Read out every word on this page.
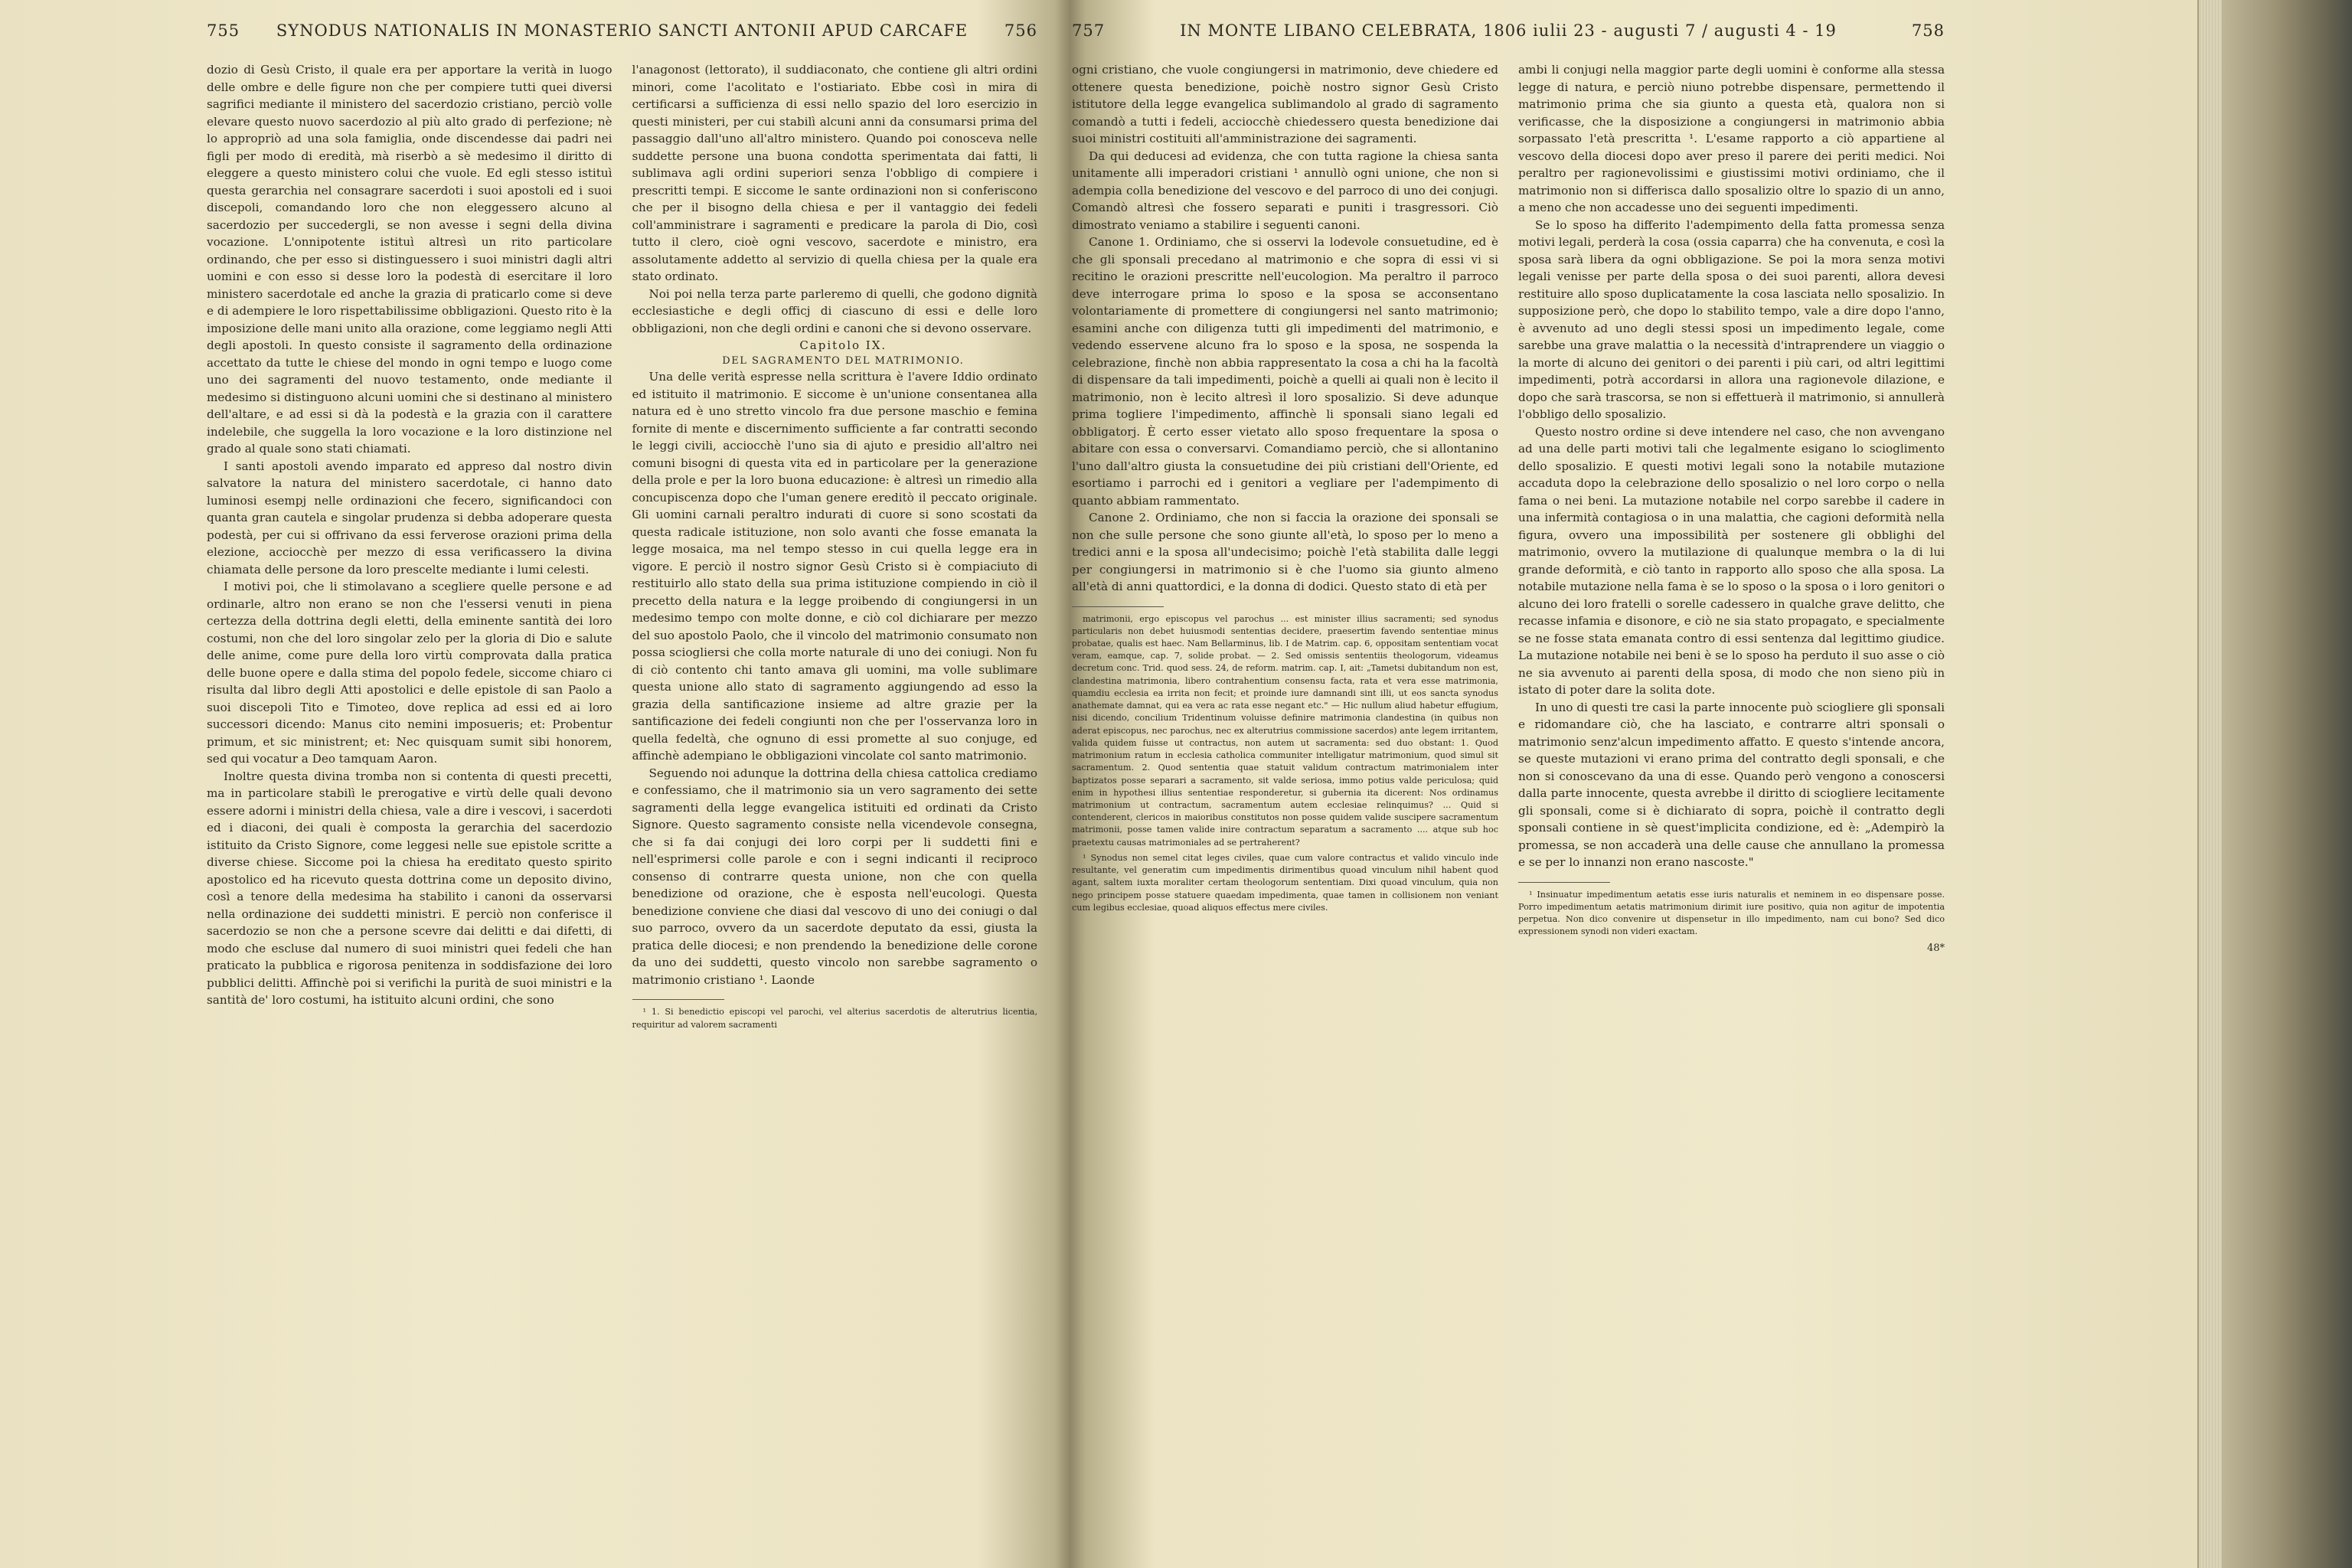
755	SYNODUS NATIONALIS IN MONASTERIO SANCTI ANTONII APUD CARCAFE	756

dozio di Gesù Cristo, il quale era per apportare la verità in luogo delle ombre e delle figure non che per compiere tutti quei diversi sagrifici mediante il ministero del sacerdozio cristiano, perciò volle elevare questo nuovo sacerdozio al più alto grado di perfezione; nè lo appropriò ad una sola famiglia, onde discendesse dai padri nei figli per modo di eredità, mà riserbò a sè medesimo il diritto di eleggere a questo ministero colui che vuole. Ed egli stesso istituì questa gerarchia nel consagrare sacerdoti i suoi apostoli ed i suoi discepoli, comandando loro che non eleggessero alcuno al sacerdozio per succedergli, se non avesse i segni della divina vocazione. L'onnipotente istituì altresì un rito particolare ordinando, che per esso si distinguessero i suoi ministri dagli altri uomini e con esso si desse loro la podestà di esercitare il loro ministero sacerdotale ed anche la grazia di praticarlo come si deve e di adempiere le loro rispettabilissime obbligazioni. Questo rito è la imposizione delle mani unito alla orazione, come leggiamo negli Atti degli apostoli. In questo consiste il sagramento della ordinazione accettato da tutte le chiese del mondo in ogni tempo e luogo come uno dei sagramenti del nuovo testamento, onde mediante il medesimo si distinguono alcuni uomini che si destinano al ministero dell'altare, e ad essi si dà la podestà e la grazia con il carattere indelebile, che suggella la loro vocazione e la loro distinzione nel grado al quale sono stati chiamati.

I santi apostoli avendo imparato ed appreso dal nostro divin salvatore la natura del ministero sacerdotale, ci hanno dato luminosi esempj nelle ordinazioni che fecero, significandoci con quanta gran cautela e singolar prudenza si debba adoperare questa podestà, per cui si offrivano da essi ferverose orazioni prima della elezione, acciocchè per mezzo di essa verificassero la divina chiamata delle persone da loro prescelte mediante i lumi celesti.

I motivi poi, che li stimolavano a scegliere quelle persone e ad ordinarle, altro non erano se non che l'essersi venuti in piena certezza della dottrina degli eletti, della eminente santità dei loro costumi, non che del loro singolar zelo per la gloria di Dio e salute delle anime, come pure della loro virtù comprovata dalla pratica delle buone opere e dalla stima del popolo fedele, siccome chiaro ci risulta dal libro degli Atti apostolici e delle epistole di san Paolo a suoi discepoli Tito e Timoteo, dove replica ad essi ed ai loro successori dicendo: Manus cito nemini imposueris; et: Probentur primum, et sic ministrent; et: Nec quisquam sumit sibi honorem, sed qui vocatur a Deo tamquam Aaron.

Inoltre questa divina tromba non si contenta di questi precetti, ma in particolare stabilì le prerogative e virtù delle quali devono essere adorni i ministri della chiesa, vale a dire i vescovi, i sacerdoti ed i diaconi, dei quali è composta la gerarchia del sacerdozio istituito da Cristo Signore, come leggesi nelle sue epistole scritte a diverse chiese. Siccome poi la chiesa ha ereditato questo spirito apostolico ed ha ricevuto questa dottrina come un deposito divino, così a tenore della medesima ha stabilito i canoni da osservarsi nella ordinazione dei suddetti ministri. E perciò non conferisce il sacerdozio se non che a persone scevre dai delitti e dai difetti, di modo che escluse dal numero di suoi ministri quei fedeli che han praticato la pubblica e rigorosa penitenza in soddisfazione dei loro pubblici delitti. Affinchè poi si verifichi la purità de suoi ministri e la santità de' loro costumi, ha istituito alcuni ordini, che sono

l'anagonost (lettorato), il suddiaconato, che contiene gli altri ordini minori, come l'acolitato e l'ostiariato. Ebbe così in mira di certificarsi a sufficienza di essi nello spazio del loro esercizio in questi ministeri, per cui stabilì alcuni anni da consumarsi prima del passaggio dall'uno all'altro ministero. Quando poi conosceva nelle suddette persone una buona condotta sperimentata dai fatti, li sublimava agli ordini superiori senza l'obbligo di compiere i prescritti tempi. E siccome le sante ordinazioni non si conferiscono che per il bisogno della chiesa e per il vantaggio dei fedeli coll'amministrare i sagramenti e predicare la parola di Dio, così tutto il clero, cioè ogni vescovo, sacerdote e ministro, era assolutamente addetto al servizio di quella chiesa per la quale era stato ordinato.

Noi poi nella terza parte parleremo di quelli, che godono dignità ecclesiastiche e degli officj di ciascuno di essi e delle loro obbligazioni, non che degli ordini e canoni che si devono osservare.

Capitolo IX.

DEL SAGRAMENTO DEL MATRIMONIO.

Una delle verità espresse nella scrittura è l'avere Iddio ordinato ed istituito il matrimonio. E siccome è un'unione consentanea alla natura ed è uno stretto vincolo fra due persone maschio e femina fornite di mente e discernimento sufficiente a far contratti secondo le leggi civili, acciocchè l'uno sia di ajuto e presidio all'altro nei comuni bisogni di questa vita ed in particolare per la generazione della prole e per la loro buona educazione: è altresì un rimedio alla concupiscenza dopo che l'uman genere ereditò il peccato originale. Gli uomini carnali peraltro indurati di cuore si sono scostati da questa radicale istituzione, non solo avanti che fosse emanata la legge mosaica, ma nel tempo stesso in cui quella legge era in vigore. E perciò il nostro signor Gesù Cristo si è compiaciuto di restituirlo allo stato della sua prima istituzione compiendo in ciò il precetto della natura e la legge proibendo di congiungersi in un medesimo tempo con molte donne, e ciò col dichiarare per mezzo del suo apostolo Paolo, che il vincolo del matrimonio consumato non possa sciogliersi che colla morte naturale di uno dei coniugi. Non fu di ciò contento chi tanto amava gli uomini, ma volle sublimare questa unione allo stato di sagramento aggiungendo ad esso la grazia della santificazione insieme ad altre grazie per la santificazione dei fedeli congiunti non che per l'osservanza loro in quella fedeltà, che ognuno di essi promette al suo conjuge, ed affinchè adempiano le obbligazioni vincolate col santo matrimonio.

Seguendo noi adunque la dottrina della chiesa cattolica crediamo e confessiamo, che il matrimonio sia un vero sagramento dei sette sagramenti della legge evangelica istituiti ed ordinati da Cristo Signore. Questo sagramento consiste nella vicendevole consegna, che si fa dai conjugi dei loro corpi per li suddetti fini e nell'esprimersi colle parole e con i segni indicanti il reciproco consenso di contrarre questa unione, non che con quella benedizione od orazione, che è esposta nell'eucologi. Questa benedizione conviene che diasi dal vescovo di uno dei coniugi o dal suo parroco, ovvero da un sacerdote deputato da essi, giusta la pratica delle diocesi; e non prendendo la benedizione delle corone da uno dei suddetti, questo vincolo non sarebbe sagramento o matrimonio cristiano ¹. Laonde

¹ 1. Si benedictio episcopi vel parochi, vel alterius sacerdotis de alterutrius licentia, requiritur ad valorem sacramenti

757	IN MONTE LIBANO CELEBRATA, 1806 iulii 23 - augusti 7 / augusti 4 - 19	758

ogni cristiano, che vuole congiungersi in matrimonio, deve chiedere ed ottenere questa benedizione, poichè nostro signor Gesù Cristo istitutore della legge evangelica sublimandolo al grado di sagramento comandò a tutti i fedeli, acciocchè chiedessero questa benedizione dai suoi ministri costituiti all'amministrazione dei sagramenti.

Da qui deducesi ad evidenza, che con tutta ragione la chiesa santa unitamente alli imperadori cristiani ¹ annullò ogni unione, che non si adempia colla benedizione del vescovo e del parroco di uno dei conjugi. Comandò altresì che fossero separati e puniti i trasgressori. Ciò dimostrato veniamo a stabilire i seguenti canoni.

Canone 1. Ordiniamo, che si osservi la lodevole consuetudine, ed è che gli sponsali precedano al matrimonio e che sopra di essi vi si recitino le orazioni prescritte nell'eucologion. Ma peraltro il parroco deve interrogare prima lo sposo e la sposa se acconsentano volontariamente di promettere di congiungersi nel santo matrimonio; esamini anche con diligenza tutti gli impedimenti del matrimonio, e vedendo esservene alcuno fra lo sposo e la sposa, ne sospenda la celebrazione, finchè non abbia rappresentato la cosa a chi ha la facoltà di dispensare da tali impedimenti, poichè a quelli ai quali non è lecito il matrimonio, non è lecito altresì il loro sposalizio. Si deve adunque prima togliere l'impedimento, affinchè li sponsali siano legali ed obbligatorj. È certo esser vietato allo sposo frequentare la sposa o abitare con essa o conversarvi. Comandiamo perciò, che si allontanino l'uno dall'altro giusta la consuetudine dei più cristiani dell'Oriente, ed esortiamo i parrochi ed i genitori a vegliare per l'adempimento di quanto abbiam rammentato.

Canone 2. Ordiniamo, che non si faccia la orazione dei sponsali se non che sulle persone che sono giunte all'età, lo sposo per lo meno a tredici anni e la sposa all'undecisimo; poichè l'età stabilita dalle leggi per congiungersi in matrimonio si è che l'uomo sia giunto almeno all'età di anni quattordici, e la donna di dodici. Questo stato di età per

matrimonii, ergo episcopus vel parochus ... est minister illius sacramenti; sed synodus particularis non debet huiusmodi sententias decidere, praesertim favendo sententiae minus probatae, qualis est haec. Nam Bellarminus, lib. I de Matrim. cap. 6, oppositam sententiam vocat veram, eamque, cap. 7, solide probat. — 2. Sed omissis sententiis theologorum, videamus decretum conc. Trid. quod sess. 24, de reform. matrim. cap. I, ait: „Tametsi dubitandum non est, clandestina matrimonia, libero contrahentium consensu facta, rata et vera esse matrimonia, quamdiu ecclesia ea irrita non fecit; et proinde iure damnandi sint illi, ut eos sancta synodus anathemate damnat, qui ea vera ac rata esse negant etc." — Hic nullum aliud habetur effugium, nisi dicendo, concilium Tridentinum voluisse definire matrimonia clandestina (in quibus non aderat episcopus, nec parochus, nec ex alterutrius commissione sacerdos) ante legem irritantem, valida quidem fuisse ut contractus, non autem ut sacramenta: sed duo obstant: 1. Quod matrimonium ratum in ecclesia catholica communiter intelligatur matrimonium, quod simul sit sacramentum. 2. Quod sententia quae statuit validum contractum matrimonialem inter baptizatos posse separari a sacramento, sit valde seriosa, immo potius valde periculosa; quid enim in hypothesi illius sententiae responderetur, si gubernia ita dicerent: Nos ordinamus matrimonium ut contractum, sacramentum autem ecclesiae relinquimus? ... Quid si contenderent, clericos in maioribus constitutos non posse quidem valide suscipere sacramentum matrimonii, posse tamen valide inire contractum separatum a sacramento .... atque sub hoc praetextu causas matrimoniales ad se pertraherent?

¹ Synodus non semel citat leges civiles, quae cum valore contractus et valido vinculo inde resultante, vel generatim cum impedimentis dirimentibus quoad vinculum nihil habent quod agant, saltem iuxta moraliter certam theologorum sententiam. Dixi quoad vinculum, quia non nego principem posse statuere quaedam impedimenta, quae tamen in collisionem non veniant cum legibus ecclesiae, quoad aliquos effectus mere civiles.

ambi li conjugi nella maggior parte degli uomini è conforme alla stessa legge di natura, e perciò niuno potrebbe dispensare, permettendo il matrimonio prima che sia giunto a questa età, qualora non si verificasse, che la disposizione a congiungersi in matrimonio abbia sorpassato l'età prescritta ¹. L'esame rapporto a ciò appartiene al vescovo della diocesi dopo aver preso il parere dei periti medici. Noi peraltro per ragionevolissimi e giustissimi motivi ordiniamo, che il matrimonio non si differisca dallo sposalizio oltre lo spazio di un anno, a meno che non accadesse uno dei seguenti impedimenti.

Se lo sposo ha differito l'adempimento della fatta promessa senza motivi legali, perderà la cosa (ossia caparra) che ha convenuta, e così la sposa sarà libera da ogni obbligazione. Se poi la mora senza motivi legali venisse per parte della sposa o dei suoi parenti, allora devesi restituire allo sposo duplicatamente la cosa lasciata nello sposalizio. In supposizione però, che dopo lo stabilito tempo, vale a dire dopo l'anno, è avvenuto ad uno degli stessi sposi un impedimento legale, come sarebbe una grave malattia o la necessità d'intraprendere un viaggio o la morte di alcuno dei genitori o dei parenti i più cari, od altri legittimi impedimenti, potrà accordarsi in allora una ragionevole dilazione, e dopo che sarà trascorsa, se non si effettuerà il matrimonio, si annullerà l'obbligo dello sposalizio.

Questo nostro ordine si deve intendere nel caso, che non avvengano ad una delle parti motivi tali che legalmente esigano lo scioglimento dello sposalizio. E questi motivi legali sono la notabile mutazione accaduta dopo la celebrazione dello sposalizio o nel loro corpo o nella fama o nei beni. La mutazione notabile nel corpo sarebbe il cadere in una infermità contagiosa o in una malattia, che cagioni deformità nella figura, ovvero una impossibilità per sostenere gli obblighi del matrimonio, ovvero la mutilazione di qualunque membra o la di lui grande deformità, e ciò tanto in rapporto allo sposo che alla sposa. La notabile mutazione nella fama è se lo sposo o la sposa o i loro genitori o alcuno dei loro fratelli o sorelle cadessero in qualche grave delitto, che recasse infamia e disonore, e ciò ne sia stato propagato, e specialmente se ne fosse stata emanata contro di essi sentenza dal legittimo giudice. La mutazione notabile nei beni è se lo sposo ha perduto il suo asse o ciò ne sia avvenuto ai parenti della sposa, di modo che non sieno più in istato di poter dare la solita dote.

In uno di questi tre casi la parte innocente può sciogliere gli sponsali e ridomandare ciò, che ha lasciato, e contrarre altri sponsali o matrimonio senz'alcun impedimento affatto. E questo s'intende ancora, se queste mutazioni vi erano prima del contratto degli sponsali, e che non si conoscevano da una di esse. Quando però vengono a conoscersi dalla parte innocente, questa avrebbe il diritto di sciogliere lecitamente gli sponsali, come si è dichiarato di sopra, poichè il contratto degli sponsali contiene in sè quest'implicita condizione, ed è: „Adempirò la promessa, se non accaderà una delle cause che annullano la promessa e se per lo innanzi non erano nascoste."

¹ Insinuatur impedimentum aetatis esse iuris naturalis et neminem in eo dispensare posse. Porro impedimentum aetatis matrimonium dirimit iure positivo, quia non agitur de impotentia perpetua. Non dico convenire ut dispensetur in illo impedimento, nam cui bono? Sed dico expressionem synodi non videri exactam.

48*
